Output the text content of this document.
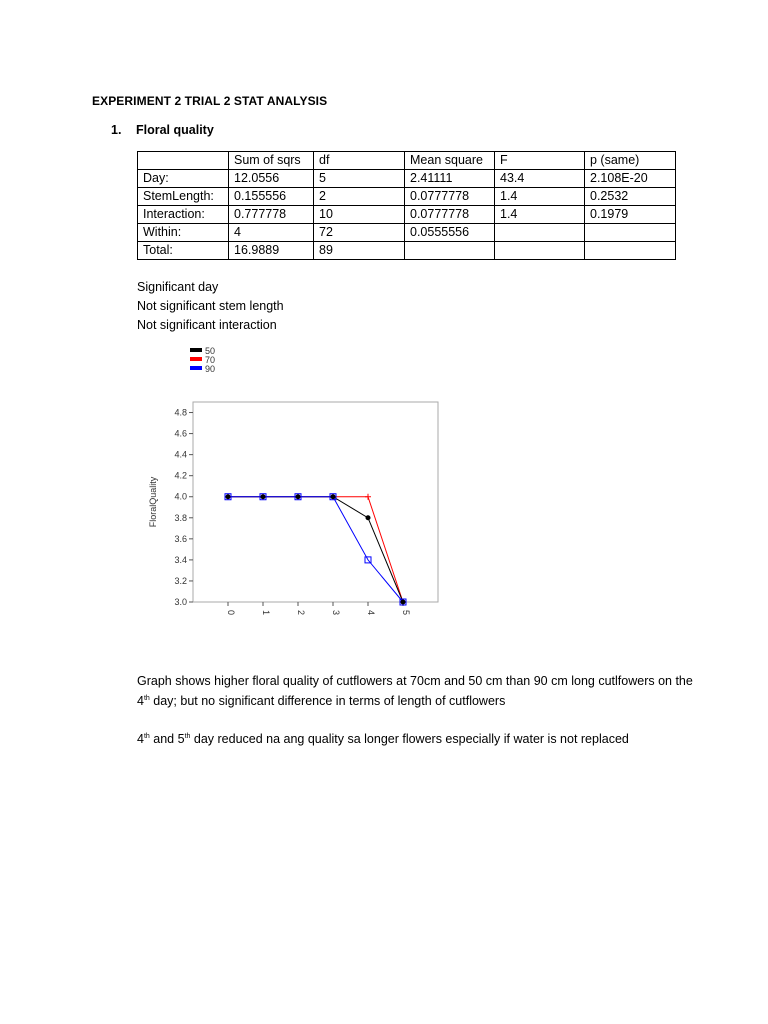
EXPERIMENT 2 TRIAL 2 STAT ANALYSIS
1. Floral quality
	Sum of sqrs	df	Mean square	F	p (same)
Day:	12.0556	5	2.41111	43.4	2.108E-20
StemLength:	0.155556	2	0.0777778	1.4	0.2532
Interaction:	0.777778	10	0.0777778	1.4	0.1979
Within:	4	72	0.0555556		
Total:	16.9889	89			
Significant day
Not significant stem length
Not significant interaction
50
70
90
FloralQuality
3.0
3.2
3.4
3.6
3.8
4.0
4.2
4.4
4.6
4.8
0	1	2	3	4	5
Graph shows higher floral quality of cutflowers at 70cm and 50 cm than 90 cm long cutlfowers on the 4th day; but no significant difference in terms of length of cutflowers
4th and 5th day reduced na ang quality sa longer flowers especially if water is not replaced
